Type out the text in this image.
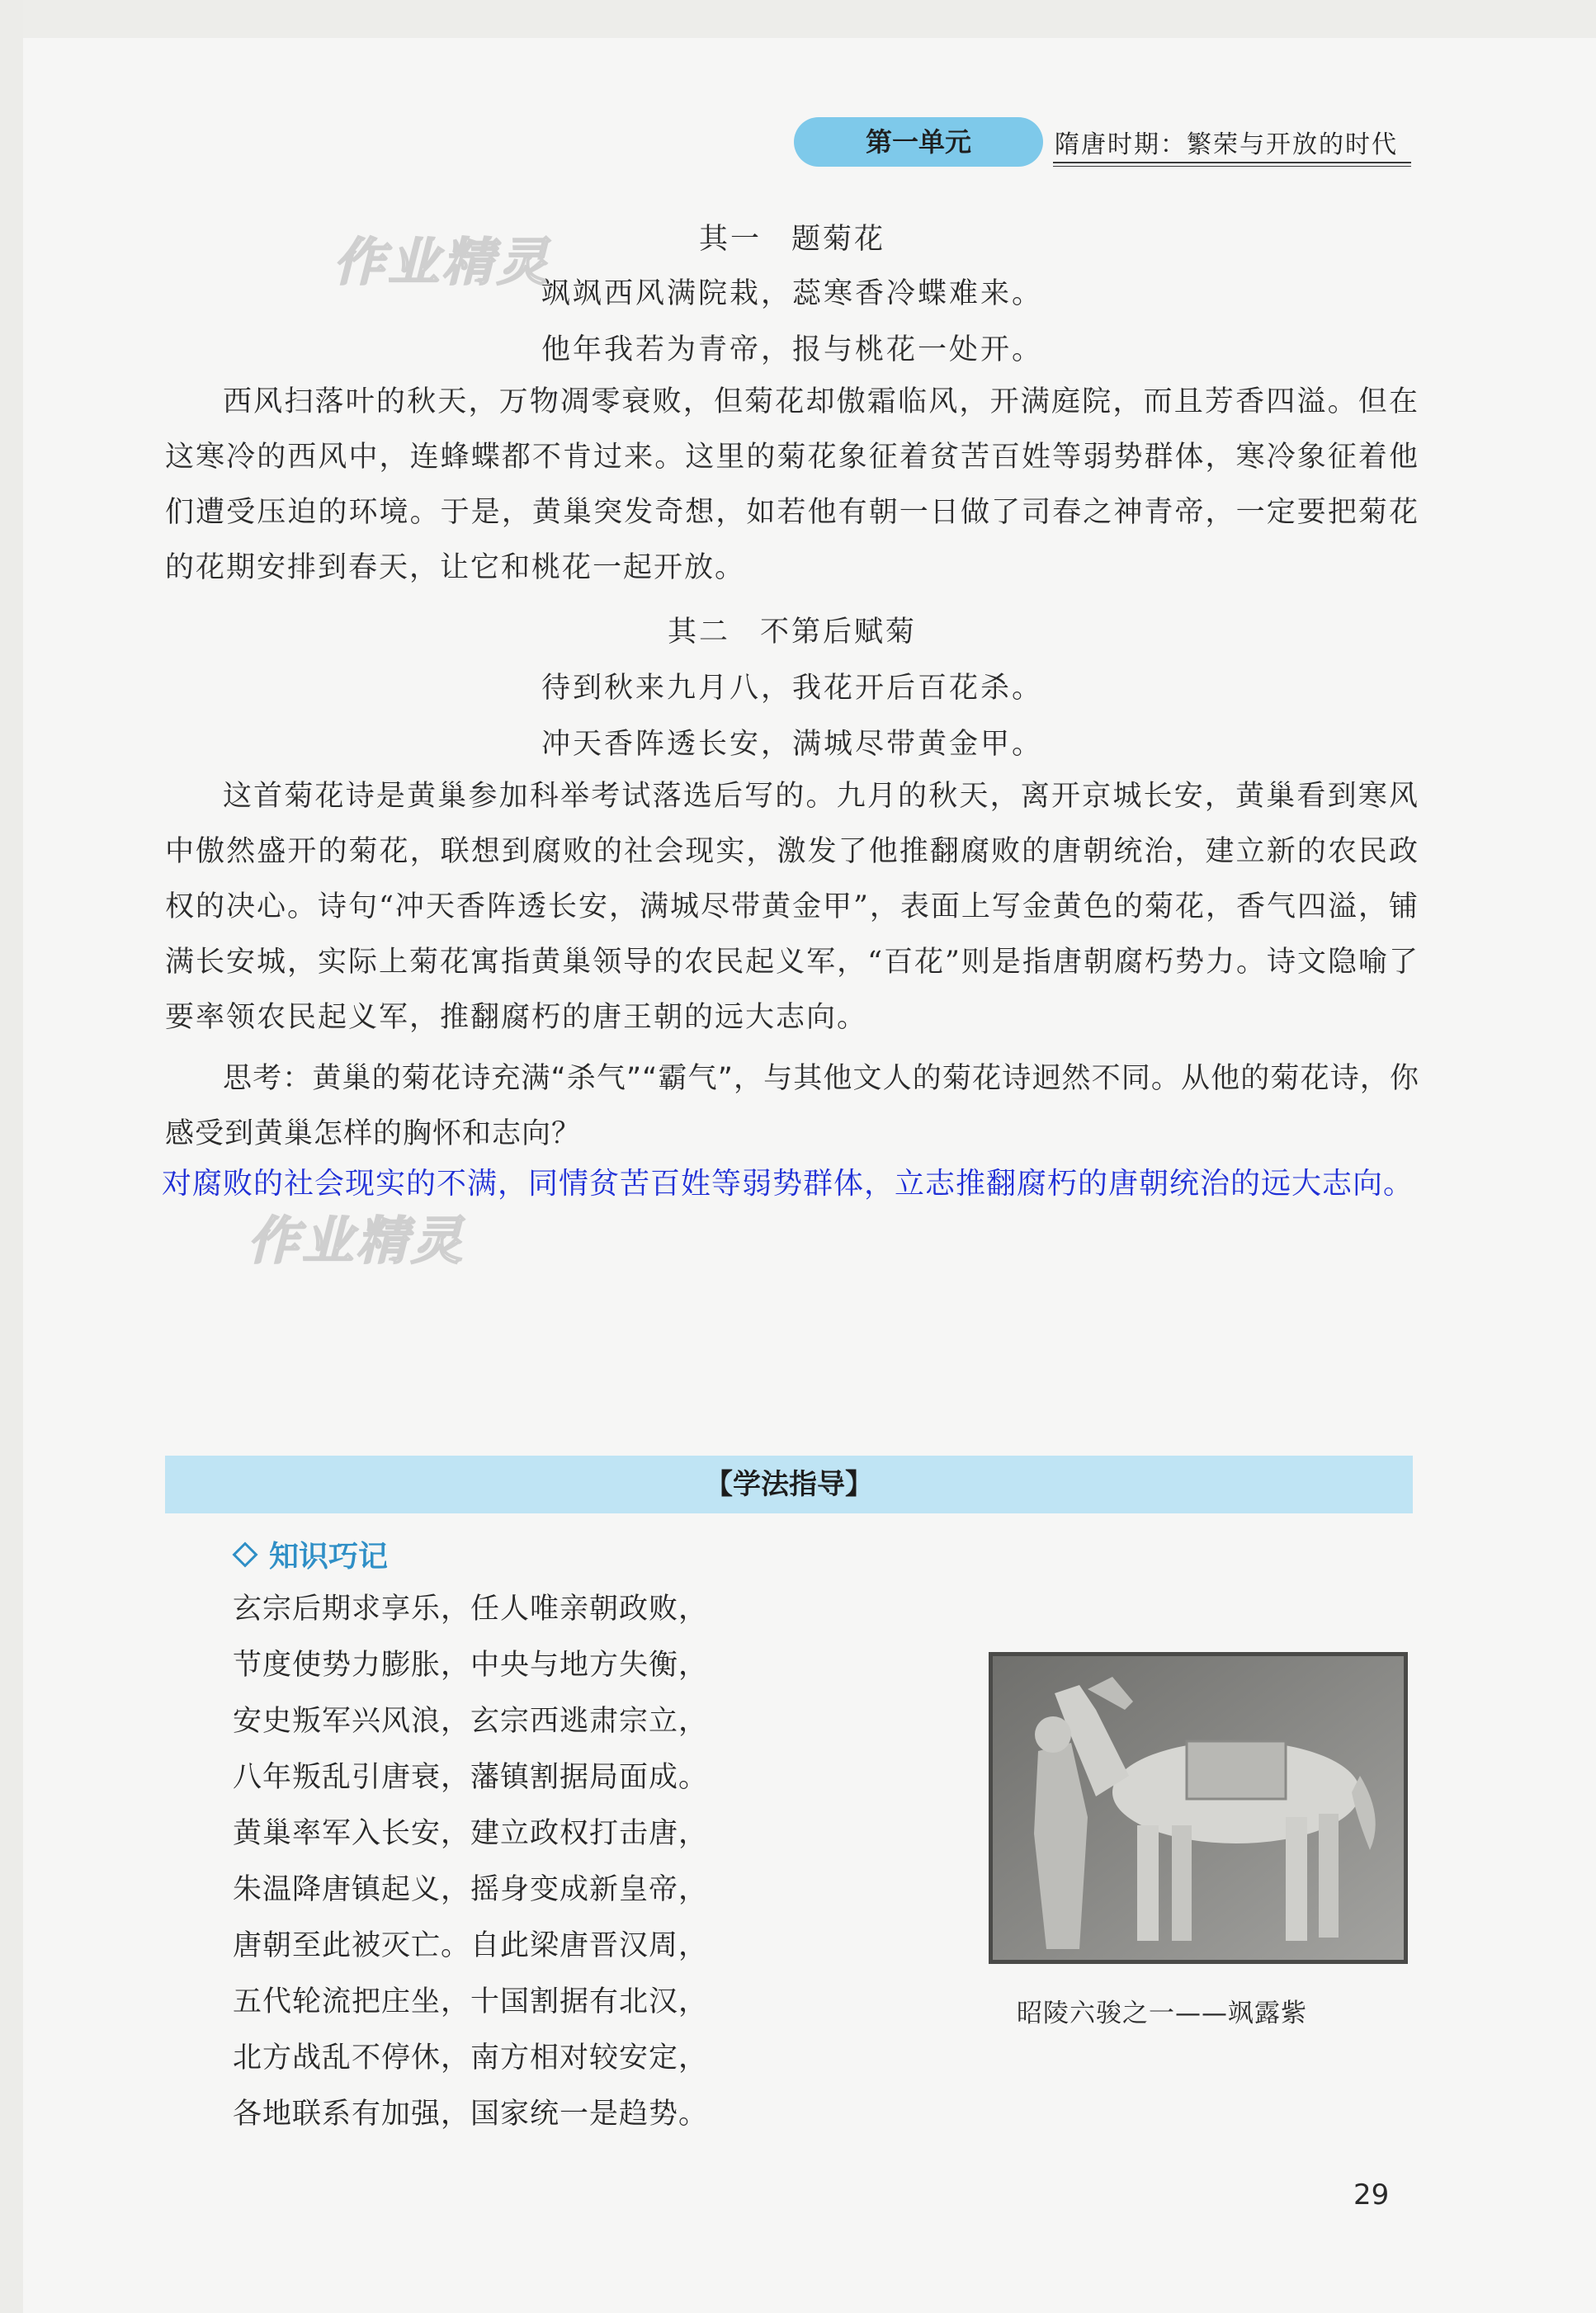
第一单元	隋唐时期：繁荣与开放的时代
作业精灵
作业精灵
其一 题菊花
飒飒西风满院栽，蕊寒香冷蝶难来。
他年我若为青帝，报与桃花一处开。
西风扫落叶的秋天，万物凋零衰败，但菊花却傲霜临风，开满庭院，而且芳香四溢。但在这寒冷的西风中，连蜂蝶都不肯过来。这里的菊花象征着贫苦百姓等弱势群体，寒冷象征着他们遭受压迫的环境。于是，黄巢突发奇想，如若他有朝一日做了司春之神青帝，一定要把菊花的花期安排到春天，让它和桃花一起开放。
其二 不第后赋菊
待到秋来九月八，我花开后百花杀。
冲天香阵透长安，满城尽带黄金甲。
这首菊花诗是黄巢参加科举考试落选后写的。九月的秋天，离开京城长安，黄巢看到寒风中傲然盛开的菊花，联想到腐败的社会现实，激发了他推翻腐败的唐朝统治，建立新的农民政权的决心。诗句“冲天香阵透长安，满城尽带黄金甲”，表面上写金黄色的菊花，香气四溢，铺满长安城，实际上菊花寓指黄巢领导的农民起义军，“百花”则是指唐朝腐朽势力。诗文隐喻了要率领农民起义军，推翻腐朽的唐王朝的远大志向。
思考：黄巢的菊花诗充满“杀气”“霸气”，与其他文人的菊花诗迥然不同。从他的菊花诗，你感受到黄巢怎样的胸怀和志向？
对腐败的社会现实的不满，同情贫苦百姓等弱势群体，立志推翻腐朽的唐朝统治的远大志向。
【学法指导】
知识巧记
玄宗后期求享乐，任人唯亲朝政败，
节度使势力膨胀，中央与地方失衡，
安史叛军兴风浪，玄宗西逃肃宗立，
八年叛乱引唐衰，藩镇割据局面成。
黄巢率军入长安，建立政权打击唐，
朱温降唐镇起义，摇身变成新皇帝，
唐朝至此被灭亡。自此梁唐晋汉周，
五代轮流把庄坐，十国割据有北汉，
北方战乱不停休，南方相对较安定，
各地联系有加强，国家统一是趋势。
昭陵六骏之一——飒露紫
29
